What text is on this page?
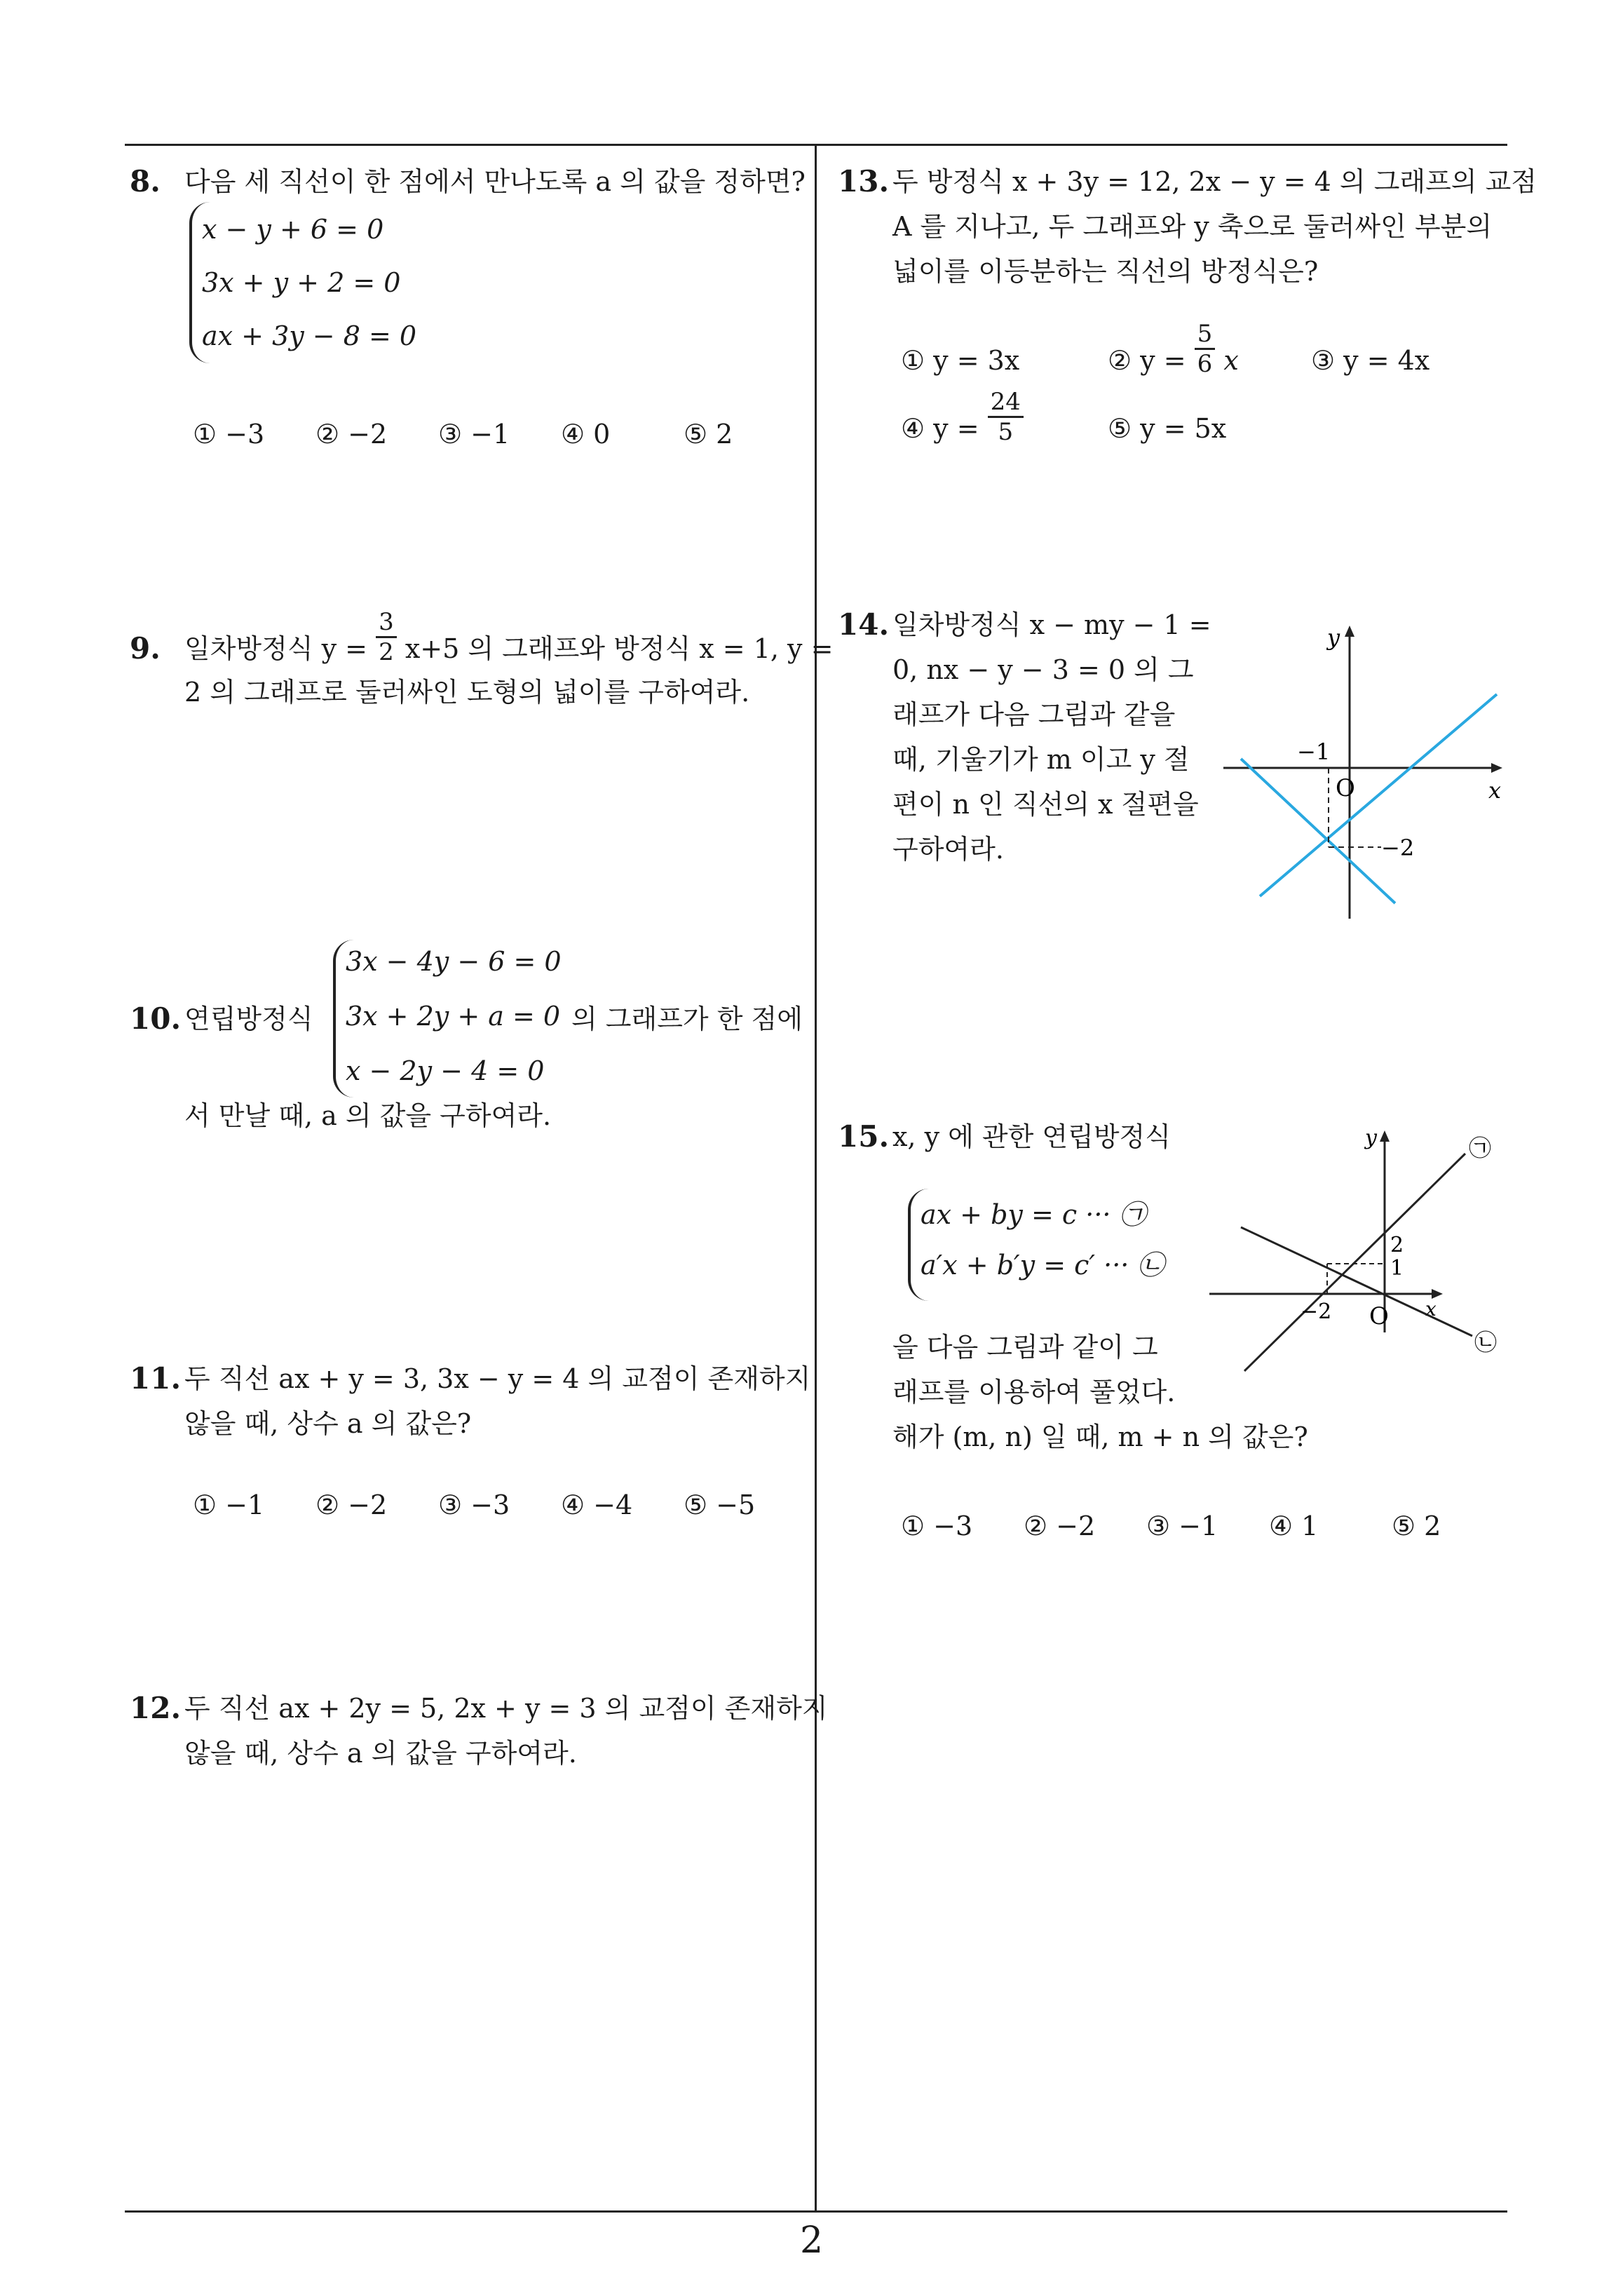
8. 다음 세 직선이 한 점에서 만나도록 a 의 값을 정하면?
x − y + 6 = 0
3x + y + 2 = 0
ax + 3y − 8 = 0
① −3 ② −2 ③ −1 ④ 0	⑤ 2
9. 일차방정식 $y = \frac{3}{2} x+5$ 의 그래프와 방정식 x = 1, y =
2 의 그래프로 둘러싸인 도형의 넓이를 구하여라.
10. 연립방정식
3x − 4y − 6 = 0
3x + 2y + a = 0
x − 2y − 4 = 0
의 그래프가 한 점에
서 만날 때, a 의 값을 구하여라.
11. 두 직선 ax + y = 3, 3x − y = 4 의 교점이 존재하지
않을 때, 상수 a 의 값은?
① −1 ② −2 ③ −3 ④ −4 ⑤ −5
12. 두 직선 ax + 2y = 5, 2x + y = 3 의 교점이 존재하지
않을 때, 상수 a 의 값을 구하여라.
13. 두 방정식 x + 3y = 12, 2x − y = 4 의 그래프의 교점
A 를 지나고, 두 그래프와 y 축으로 둘러싸인 부분의
넓이를 이등분하는 직선의 방정식은?
① y = 3x	② $y = \frac{5}{6}$ x	③ y = 4x
④ $y = \frac{24}{5}$	⑤ y = 5x
14. 일차방정식 x − my − 1 =
0, nx − y − 3 = 0 의 그
래프가 다음 그림과 같을
때, 기울기가 m 이고 y 절
편이 n 인 직선의 x 절편을
구하여라.
y
x
O
−1
−2
15. x, y 에 관한 연립방정식
ax + by = c ··· ㉠
a′x + b′y = c′ ··· ㉡
을 다음 그림과 같이 그
래프를 이용하여 풀었다.
해가 (m, n) 일 때, m + n 의 값은?
y
x
O
2
1
−2
㉠
㉡
① −3 ② −2 ③ −1 ④ 1	⑤ 2
2
